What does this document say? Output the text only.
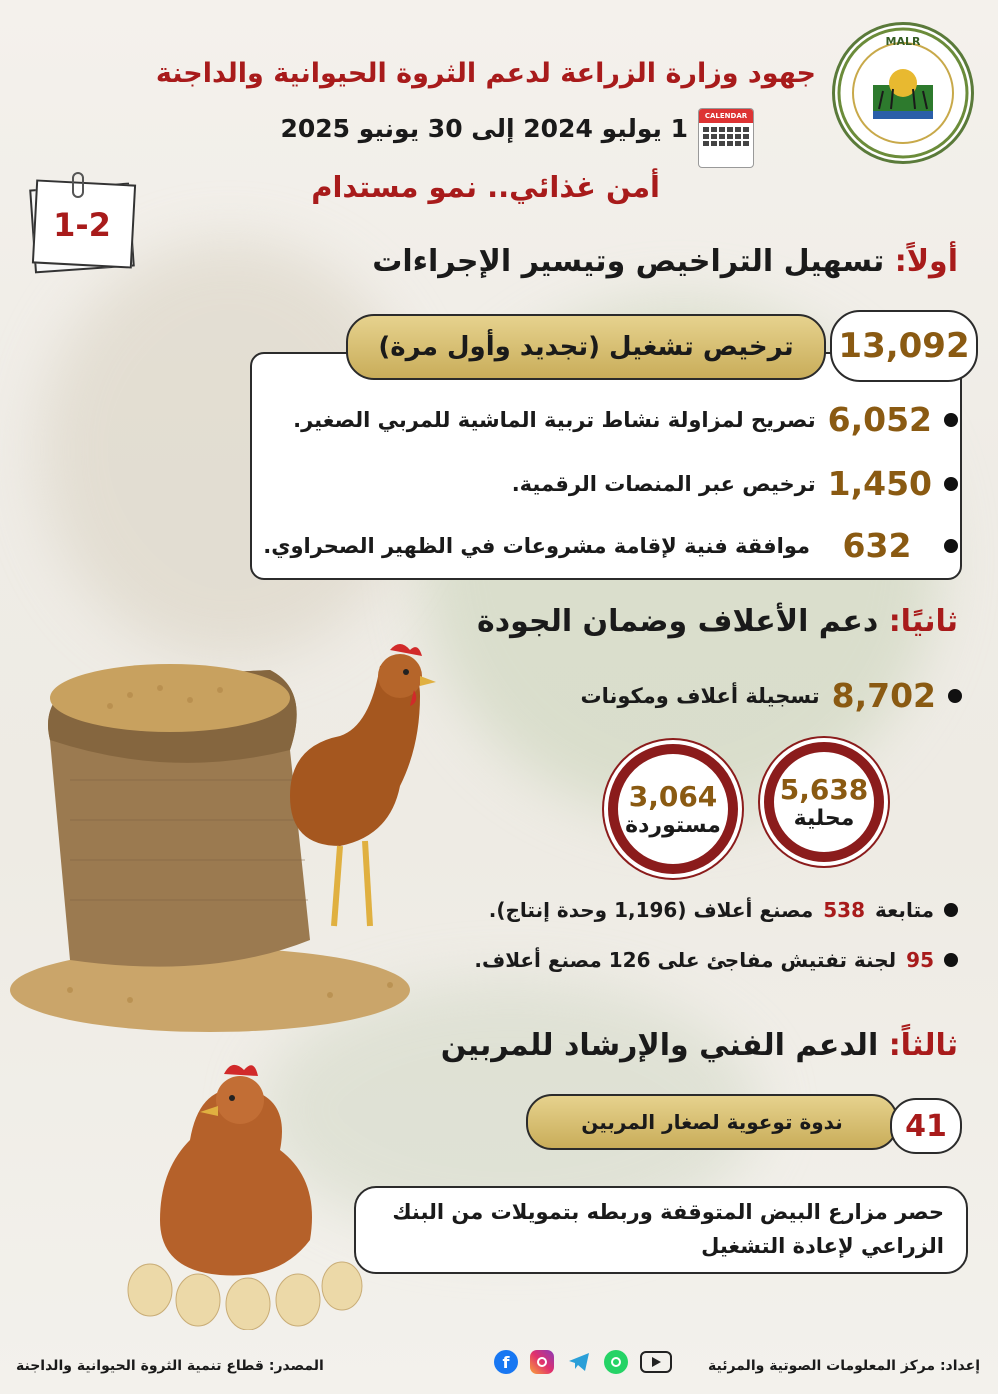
MALR
جهود وزارة الزراعة لدعم الثروة الحيوانية والداجنة
CALENDAR
1 يوليو 2024 إلى 30 يونيو 2025
أمن غذائي.. نمو مستدام
1-2
أولاً: تسهيل التراخيص وتيسير الإجراءات
ترخيص تشغيل (تجديد وأول مرة) 13,092
6,052
تصريح لمزاولة نشاط تربية الماشية للمربي الصغير.
1,450
ترخيص عبر المنصات الرقمية.
632
موافقة فنية لإقامة مشروعات في الظهير الصحراوي.
ثانيًا: دعم الأعلاف وضمان الجودة
8,702
تسجيلة أعلاف ومكونات
5,638
محلية
3,064
مستوردة
متابعة
538
مصنع أعلاف (1,196 وحدة إنتاج).
95
لجنة تفتيش مفاجئ على 126 مصنع أعلاف.
ثالثاً: الدعم الفني والإرشاد للمربين
ندوة توعوية لصغار المربين 41
حصر مزارع البيض المتوقفة وربطه بتمويلات من البنك الزراعي لإعادة التشغيل
إعداد: مركز المعلومات الصوتية والمرئية
f
المصدر: قطاع تنمية الثروة الحيوانية والداجنة
